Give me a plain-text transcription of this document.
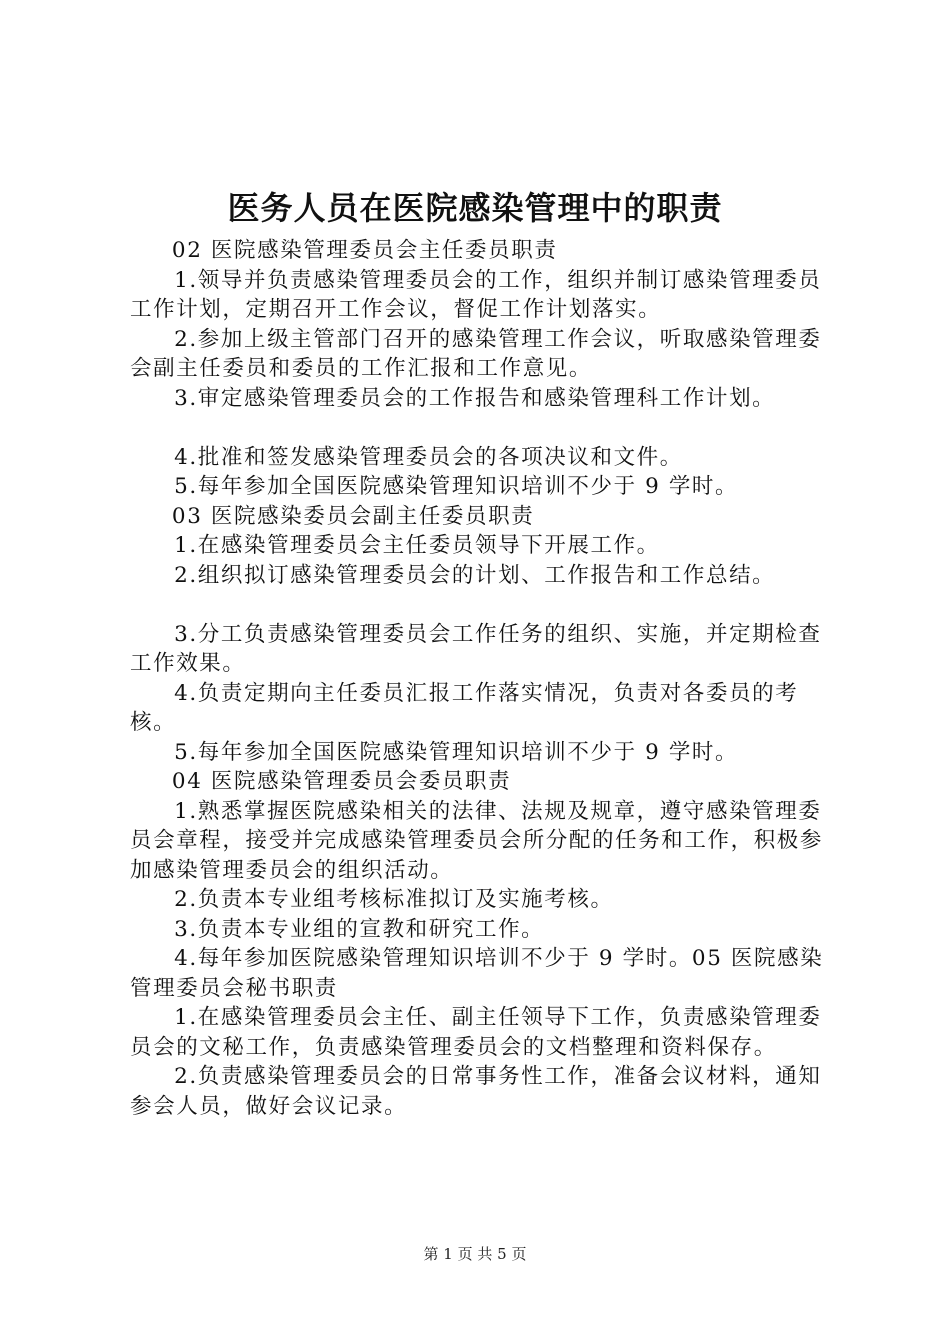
医务人员在医院感染管理中的职责

02 医院感染管理委员会主任委员职责

1.领导并负责感染管理委员会的工作，组织并制订感染管理委员工作计划，定期召开工作会议，督促工作计划落实。

2.参加上级主管部门召开的感染管理工作会议，听取感染管理委会副主任委员和委员的工作汇报和工作意见。

3.审定感染管理委员会的工作报告和感染管理科工作计划。

4.批准和签发感染管理委员会的各项决议和文件。

5.每年参加全国医院感染管理知识培训不少于 9 学时。

03 医院感染委员会副主任委员职责

1.在感染管理委员会主任委员领导下开展工作。

2.组织拟订感染管理委员会的计划、工作报告和工作总结。

3.分工负责感染管理委员会工作任务的组织、实施，并定期检查工作效果。

4.负责定期向主任委员汇报工作落实情况，负责对各委员的考核。

5.每年参加全国医院感染管理知识培训不少于 9 学时。

04 医院感染管理委员会委员职责

1.熟悉掌握医院感染相关的法律、法规及规章，遵守感染管理委员会章程，接受并完成感染管理委员会所分配的任务和工作，积极参加感染管理委员会的组织活动。

2.负责本专业组考核标准拟订及实施考核。

3.负责本专业组的宣教和研究工作。

4.每年参加医院感染管理知识培训不少于 9 学时。05 医院感染管理委员会秘书职责

1.在感染管理委员会主任、副主任领导下工作，负责感染管理委员会的文秘工作，负责感染管理委员会的文档整理和资料保存。

2.负责感染管理委员会的日常事务性工作，准备会议材料，通知参会人员，做好会议记录。

第 1 页 共 5 页
